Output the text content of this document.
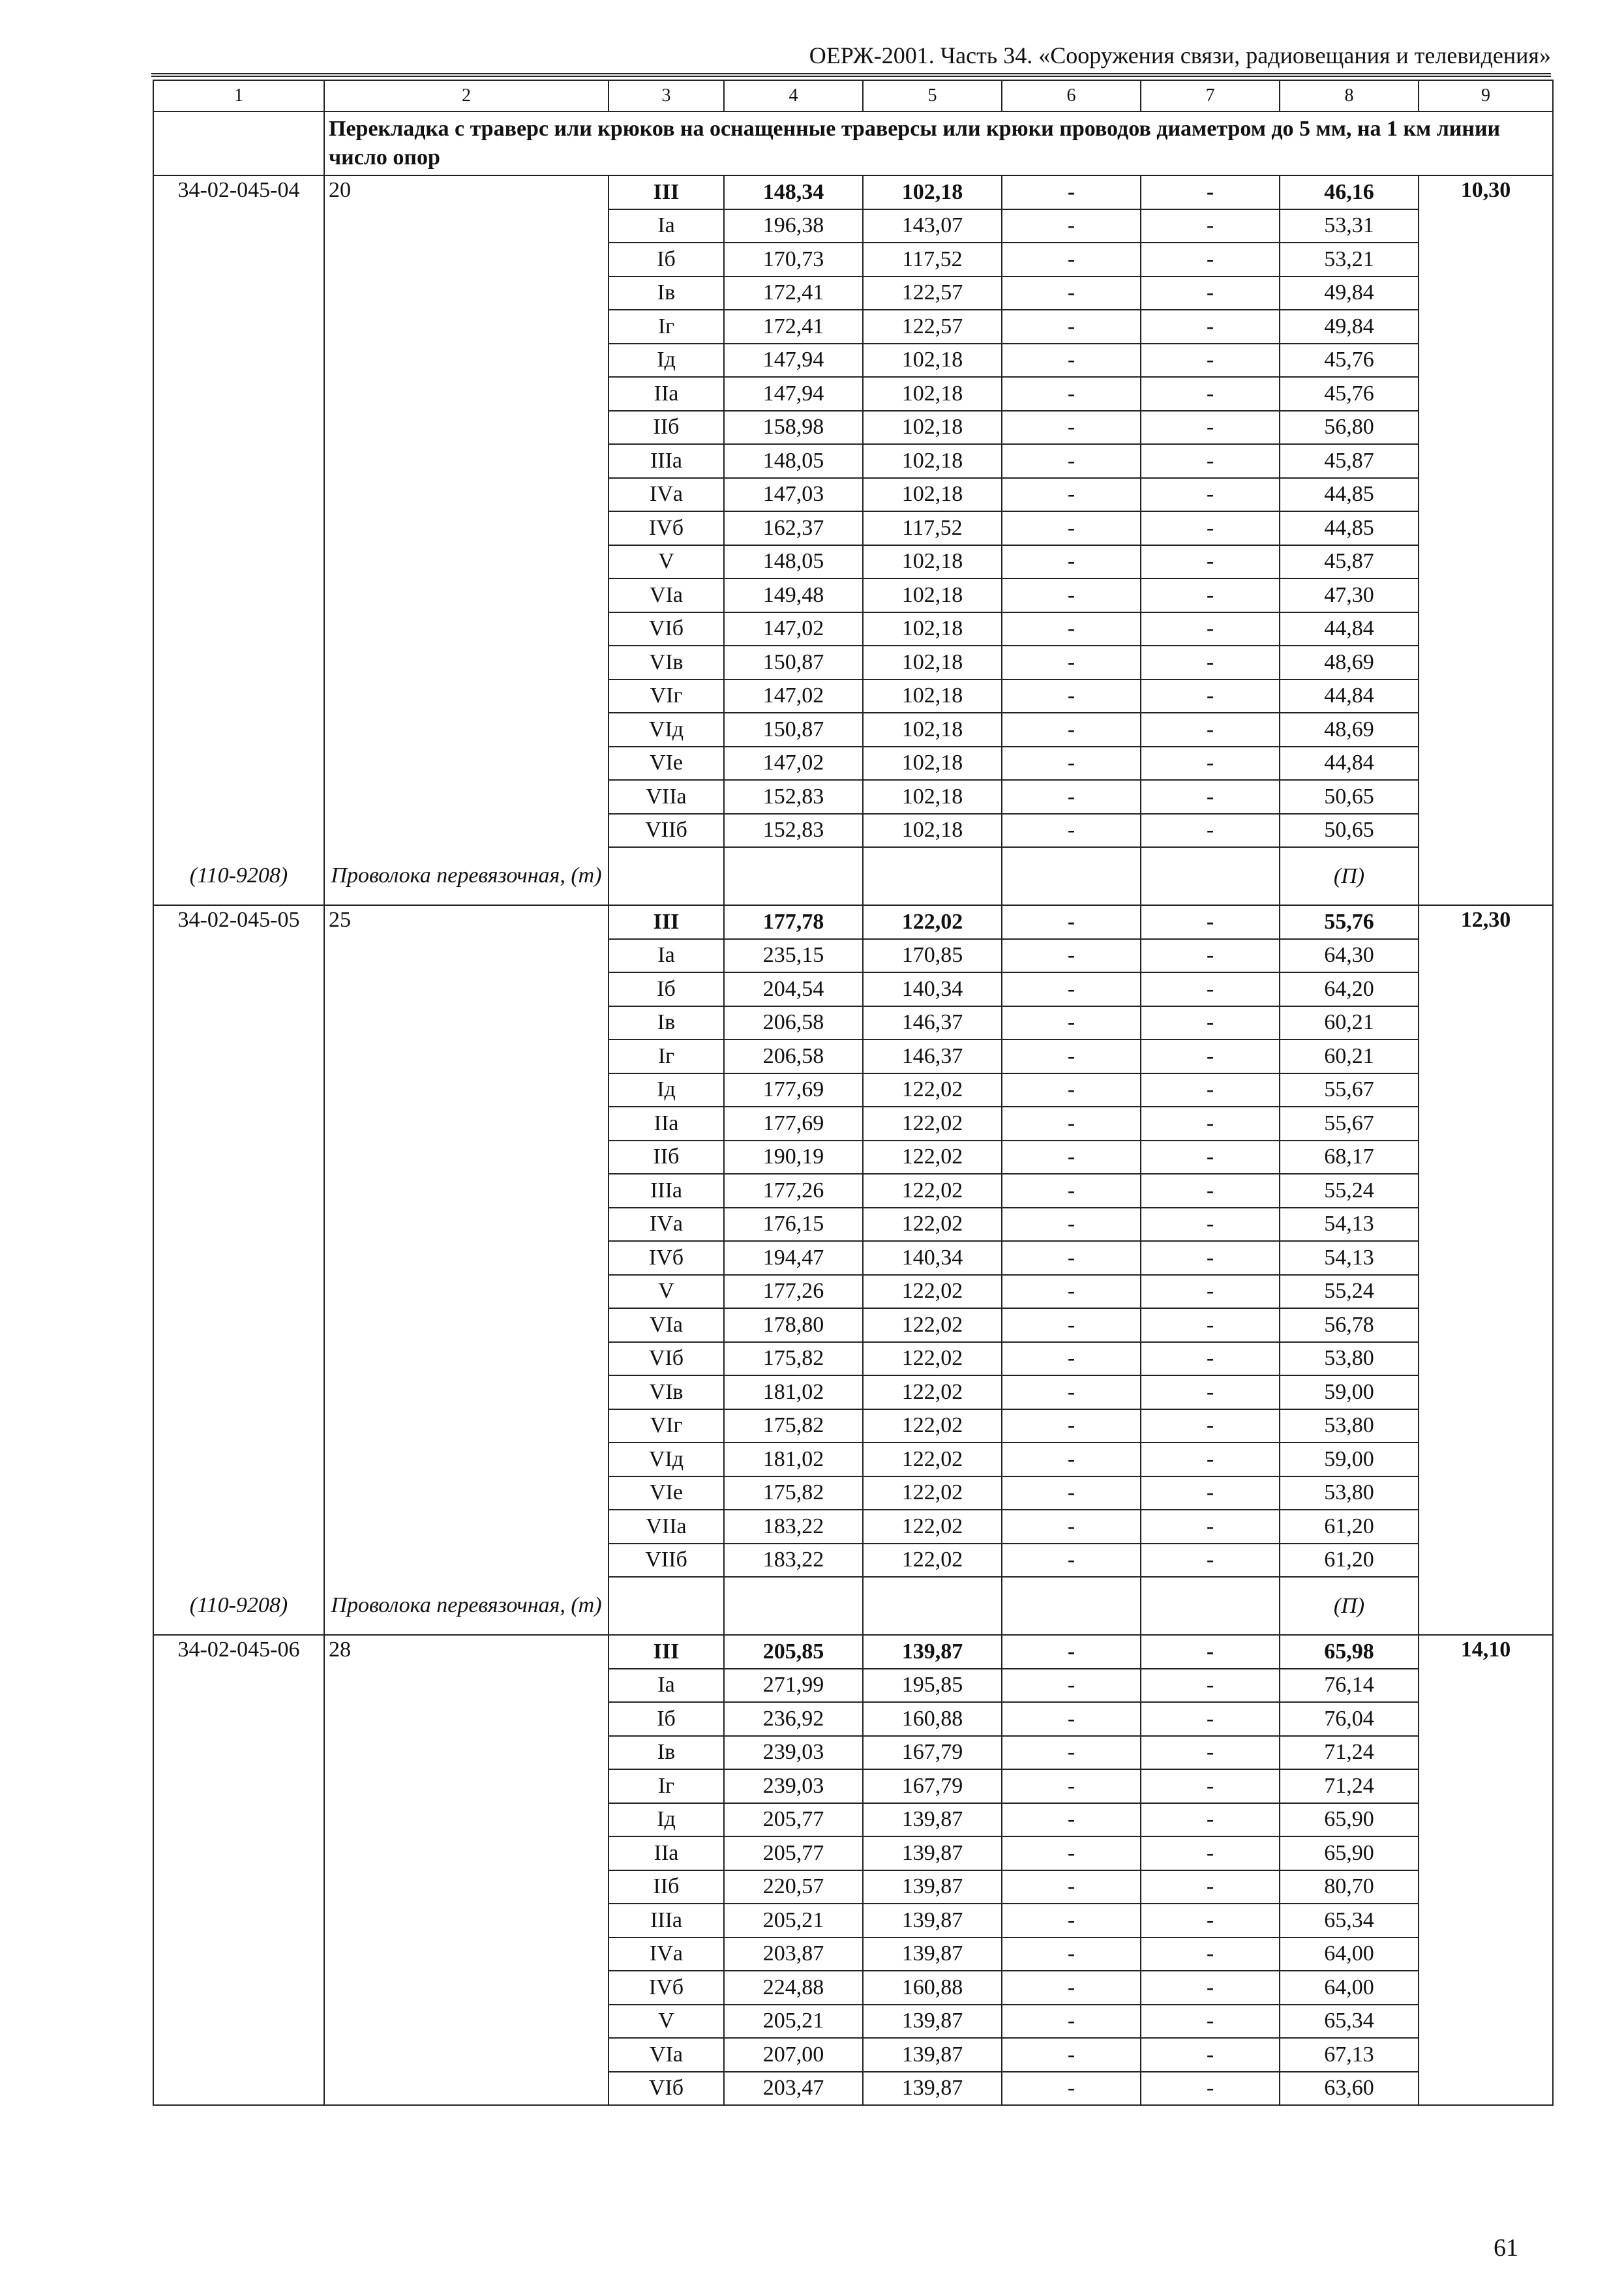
ОЕРЖ-2001. Часть 34. «Сооружения связи, радиовещания и телевидения»
1	2	3	4	5	6	7	8	9
	Перекладка с траверс или крюков на оснащенные траверсы или крюки проводов диаметром до 5 мм, на 1 км линии число опор							
34-02-045-04	20	III	148,34	102,18	-	-	46,16	10,30
		Iа	196,38	143,07	-	-	53,31	
		Iб	170,73	117,52	-	-	53,21	
		Iв	172,41	122,57	-	-	49,84	
		Iг	172,41	122,57	-	-	49,84	
		Iд	147,94	102,18	-	-	45,76	
		IIа	147,94	102,18	-	-	45,76	
		IIб	158,98	102,18	-	-	56,80	
		IIIа	148,05	102,18	-	-	45,87	
		IVа	147,03	102,18	-	-	44,85	
		IVб	162,37	117,52	-	-	44,85	
		V	148,05	102,18	-	-	45,87	
		VIа	149,48	102,18	-	-	47,30	
		VIб	147,02	102,18	-	-	44,84	
		VIв	150,87	102,18	-	-	48,69	
		VIг	147,02	102,18	-	-	44,84	
		VIд	150,87	102,18	-	-	48,69	
		VIе	147,02	102,18	-	-	44,84	
		VIIа	152,83	102,18	-	-	50,65	
		VIIб	152,83	102,18	-	-	50,65	
(110-9208)	Проволока перевязочная, (т)						(П)	
34-02-045-05	25	III	177,78	122,02	-	-	55,76	12,30
		Iа	235,15	170,85	-	-	64,30	
		Iб	204,54	140,34	-	-	64,20	
		Iв	206,58	146,37	-	-	60,21	
		Iг	206,58	146,37	-	-	60,21	
		Iд	177,69	122,02	-	-	55,67	
		IIа	177,69	122,02	-	-	55,67	
		IIб	190,19	122,02	-	-	68,17	
		IIIа	177,26	122,02	-	-	55,24	
		IVа	176,15	122,02	-	-	54,13	
		IVб	194,47	140,34	-	-	54,13	
		V	177,26	122,02	-	-	55,24	
		VIа	178,80	122,02	-	-	56,78	
		VIб	175,82	122,02	-	-	53,80	
		VIв	181,02	122,02	-	-	59,00	
		VIг	175,82	122,02	-	-	53,80	
		VIд	181,02	122,02	-	-	59,00	
		VIе	175,82	122,02	-	-	53,80	
		VIIа	183,22	122,02	-	-	61,20	
		VIIб	183,22	122,02	-	-	61,20	
(110-9208)	Проволока перевязочная, (т)						(П)	
34-02-045-06	28	III	205,85	139,87	-	-	65,98	14,10
		Iа	271,99	195,85	-	-	76,14	
		Iб	236,92	160,88	-	-	76,04	
		Iв	239,03	167,79	-	-	71,24	
		Iг	239,03	167,79	-	-	71,24	
		Iд	205,77	139,87	-	-	65,90	
		IIа	205,77	139,87	-	-	65,90	
		IIб	220,57	139,87	-	-	80,70	
		IIIа	205,21	139,87	-	-	65,34	
		IVа	203,87	139,87	-	-	64,00	
		IVб	224,88	160,88	-	-	64,00	
		V	205,21	139,87	-	-	65,34	
		VIа	207,00	139,87	-	-	67,13	
		VIб	203,47	139,87	-	-	63,60	
61
